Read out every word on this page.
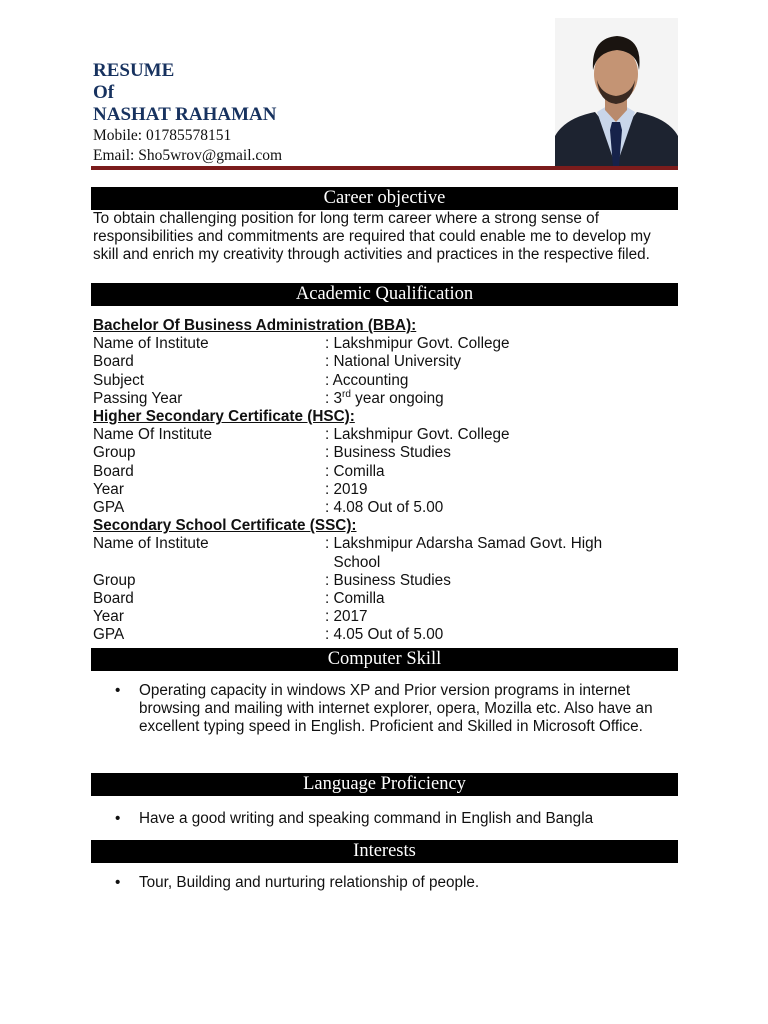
RESUME
Of
NASHAT RAHAMAN
Mobile: 01785578151
Email: Sho5wrov@gmail.com
Career objective
To obtain challenging position for long term career where a strong sense of responsibilities and commitments are required that could enable me to develop my skill and enrich my creativity through activities and practices in the respective filed.
Academic Qualification
Bachelor Of Business Administration (BBA):
Name of Institute	: Lakshmipur Govt. College
Board	: National University
Subject	: Accounting
Passing Year	: 3rd year ongoing
Higher Secondary Certificate (HSC):
Name Of Institute	: Lakshmipur Govt. College
Group	: Business Studies
Board	: Comilla
Year	: 2019
GPA	: 4.08 Out of 5.00
Secondary School Certificate (SSC):
Name of Institute	: Lakshmipur Adarsha Samad Govt. High School
Group	: Business Studies
Board	: Comilla
Year	: 2017
GPA	: 4.05 Out of 5.00
Computer Skill
•	Operating capacity in windows XP and Prior version programs in internet browsing and mailing with internet explorer, opera, Mozilla etc. Also have an excellent typing speed in English. Proficient and Skilled in Microsoft Office.
Language Proficiency
•	Have a good writing and speaking command in English and Bangla
Interests
•	Tour, Building and nurturing relationship of people.
